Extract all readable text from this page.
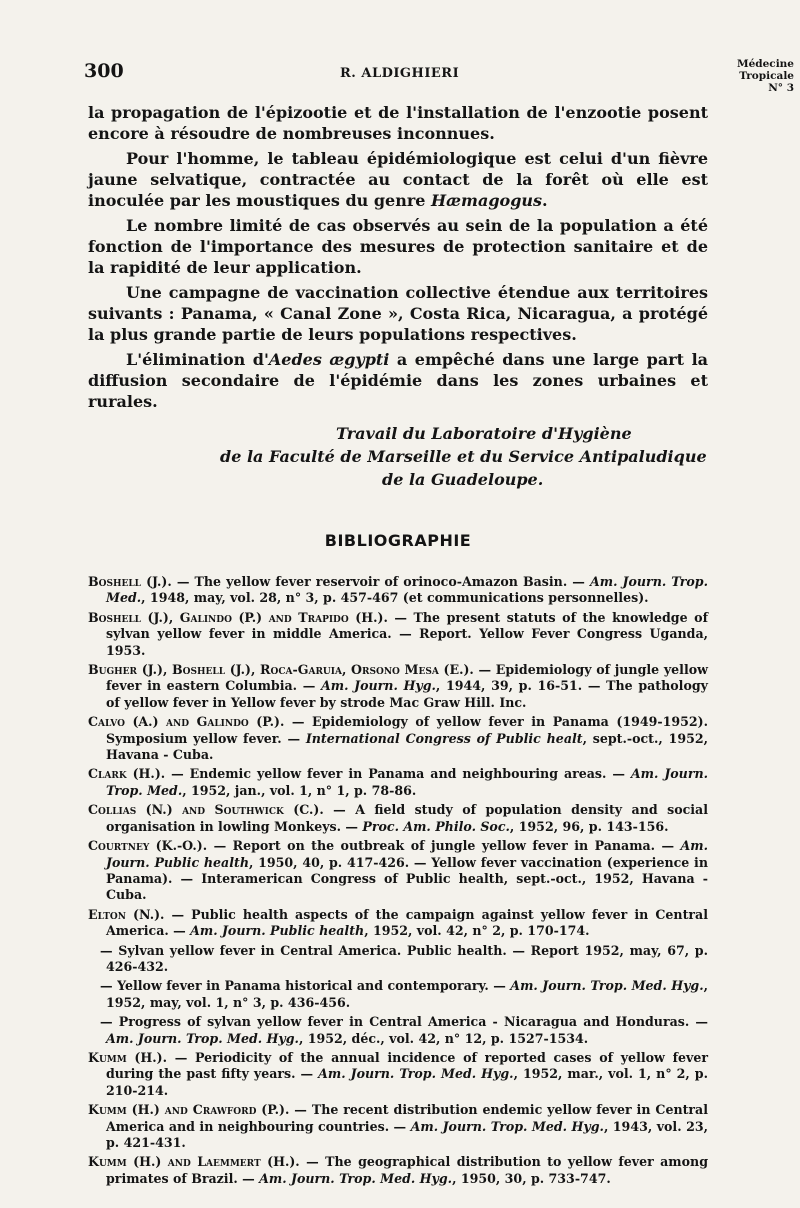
300	R. ALDIGHIERI
Médecine
Tropicale
N° 3

la propagation de l'épizootie et de l'installation de l'enzootie posent encore à résoudre de nombreuses inconnues.

Pour l'homme, le tableau épidémiologique est celui d'un fièvre jaune selvatique, contractée au contact de la forêt où elle est inoculée par les moustiques du genre Hæmagogus.

Le nombre limité de cas observés au sein de la population a été fonction de l'importance des mesures de protection sanitaire et de la rapidité de leur application.

Une campagne de vaccination collective étendue aux territoires suivants : Panama, « Canal Zone », Costa Rica, Nicaragua, a protégé la plus grande partie de leurs populations respectives.

L'élimination d'Aedes ægypti a empêché dans une large part la diffusion secondaire de l'épidémie dans les zones urbaines et rurales.

Travail du Laboratoire d'Hygiène
de la Faculté de Marseille et du Service Antipaludique
de la Guadeloupe.
BIBLIOGRAPHIE

Boshell (J.). — The yellow fever reservoir of orinoco-Amazon Basin. — Am. Journ. Trop. Med., 1948, may, vol. 28, n° 3, p. 457-467 (et communications personnelles).

Boshell (J.), Galindo (P.) and Trapido (H.). — The present statuts of the knowledge of sylvan yellow fever in middle America. — Report. Yellow Fever Congress Uganda, 1953.

Bugher (J.), Boshell (J.), Roca-Garuia, Orsono Mesa (E.). — Epidemiology of jungle yellow fever in eastern Columbia. — Am. Journ. Hyg., 1944, 39, p. 16-51. — The pathology of yellow fever in Yellow fever by strode Mac Graw Hill. Inc.

Calvo (A.) and Galindo (P.). — Epidemiology of yellow fever in Panama (1949-1952). Symposium yellow fever. — International Congress of Public healt, sept.-oct., 1952, Havana - Cuba.

Clark (H.). — Endemic yellow fever in Panama and neighbouring areas. — Am. Journ. Trop. Med., 1952, jan., vol. 1, n° 1, p. 78-86.

Collias (N.) and Southwick (C.). — A field study of population density and social organisation in lowling Monkeys. — Proc. Am. Philo. Soc., 1952, 96, p. 143-156.

Courtney (K.-O.). — Report on the outbreak of jungle yellow fever in Panama. — Am. Journ. Public health, 1950, 40, p. 417-426. — Yellow fever vaccination (experience in Panama). — Interamerican Congress of Public health, sept.-oct., 1952, Havana - Cuba.

Elton (N.). — Public health aspects of the campaign against yellow fever in Central America. — Am. Journ. Public health, 1952, vol. 42, n° 2, p. 170-174.

— Sylvan yellow fever in Central America. Public health. — Report 1952, may, 67, p. 426-432.

— Yellow fever in Panama historical and contemporary. — Am. Journ. Trop. Med. Hyg., 1952, may, vol. 1, n° 3, p. 436-456.

— Progress of sylvan yellow fever in Central America - Nicaragua and Honduras. — Am. Journ. Trop. Med. Hyg., 1952, déc., vol. 42, n° 12, p. 1527-1534.

Kumm (H.). — Periodicity of the annual incidence of reported cases of yellow fever during the past fifty years. — Am. Journ. Trop. Med. Hyg., 1952, mar., vol. 1, n° 2, p. 210-214.

Kumm (H.) and Crawford (P.). — The recent distribution endemic yellow fever in Central America and in neighbouring countries. — Am. Journ. Trop. Med. Hyg., 1943, vol. 23, p. 421-431.

Kumm (H.) and Laemmert (H.). — The geographical distribution to yellow fever among primates of Brazil. — Am. Journ. Trop. Med. Hyg., 1950, 30, p. 733-747.
